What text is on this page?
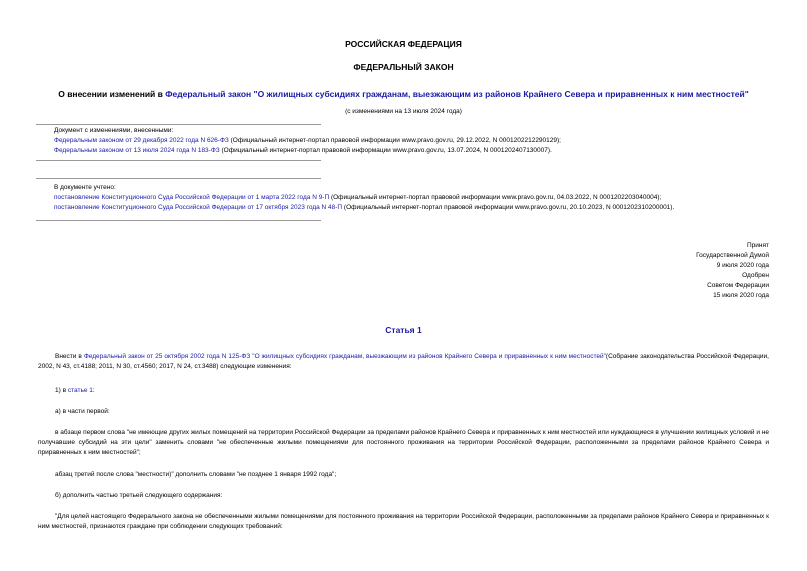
РОССИЙСКАЯ ФЕДЕРАЦИЯ
ФЕДЕРАЛЬНЫЙ ЗАКОН
О внесении изменений в Федеральный закон "О жилищных субсидиях гражданам, выезжающим из районов Крайнего Севера и приравненных к ним местностей"
(с изменениями на 13 июля 2024 года)
Документ с изменениями, внесенными:
Федеральным законом от 29 декабря 2022 года N 626-ФЗ (Официальный интернет-портал правовой информации www.pravo.gov.ru, 29.12.2022, N 0001202212290129);
Федеральным законом от 13 июля 2024 года N 183-ФЗ (Официальный интернет-портал правовой информации www.pravo.gov.ru, 13.07.2024, N 0001202407130007).
В документе учтено:
постановление Конституционного Суда Российской Федерации от 1 марта 2022 года N 9-П (Официальный интернет-портал правовой информации www.pravo.gov.ru, 04.03.2022, N 0001202203040004);
постановление Конституционного Суда Российской Федерации от 17 октября 2023 года N 48-П (Официальный интернет-портал правовой информации www.pravo.gov.ru, 20.10.2023, N 0001202310200001).
Принят
Государственной Думой
9 июля 2020 года
Одобрен
Советом Федерации
15 июля 2020 года
Статья 1
Внести в Федеральный закон от 25 октября 2002 года N 125-ФЗ "О жилищных субсидиях гражданам, выезжающим из районов Крайнего Севера и приравненных к ним местностей"(Собрание законодательства Российской Федерации, 2002, N 43, ст.4188; 2011, N 30, ст.4560; 2017, N 24, ст.3488) следующие изменения:
1) в статье 1:
а) в части первой:
в абзаце первом слова "не имеющие других жилых помещений на территории Российской Федерации за пределами районов Крайнего Севера и приравненных к ним местностей или нуждающиеся в улучшении жилищных условий и не получавшие субсидий на эти цели" заменить словами "не обеспеченные жилыми помещениями для постоянного проживания на территории Российской Федерации, расположенными за пределами районов Крайнего Севера и приравненных к ним местностей";
абзац третий после слова "местности)" дополнить словами "не позднее 1 января 1992 года";
б) дополнить частью третьей следующего содержания:
"Для целей настоящего Федерального закона не обеспеченными жилыми помещениями для постоянного проживания на территории Российской Федерации, расположенными за пределами районов Крайнего Севера и приравненных к ним местностей, признаются граждане при соблюдении следующих требований:
